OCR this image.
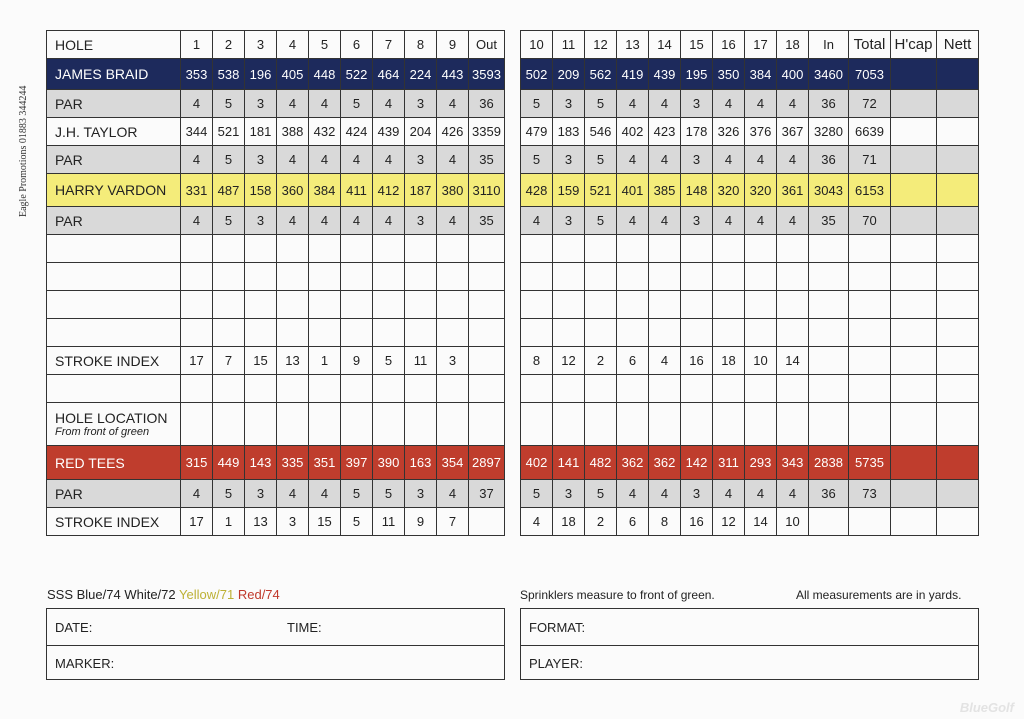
Eagle Promotions 01883 344244
HOLE	1	2	3	4	5	6	7	8	9	Out
JAMES BRAID	353	538	196	405	448	522	464	224	443	3593
PAR	4	5	3	4	4	5	4	3	4	36
J.H. TAYLOR	344	521	181	388	432	424	439	204	426	3359
PAR	4	5	3	4	4	4	4	3	4	35
HARRY VARDON	331	487	158	360	384	411	412	187	380	3110
PAR	4	5	3	4	4	4	4	3	4	35

STROKE INDEX	17	7	15	13	1	9	5	11	3	

HOLE LOCATION
From front of green										

RED TEES	315	449	143	335	351	397	390	163	354	2897
PAR	4	5	3	4	4	5	5	3	4	37
STROKE INDEX	17	1	13	3	15	5	11	9	7	
10	11	12	13	14	15	16	17	18	In	Total	H'cap	Nett
502	209	562	419	439	195	350	384	400	3460	7053		
5	3	5	4	4	3	4	4	4	36	72		
479	183	546	402	423	178	326	376	367	3280	6639		
5	3	5	4	4	3	4	4	4	36	71		
428	159	521	401	385	148	320	320	361	3043	6153		
4	3	5	4	4	3	4	4	4	35	70		

8	12	2	6	4	16	18	10	14				

402	141	482	362	362	142	311	293	343	2838	5735		
5	3	5	4	4	3	4	4	4	36	73		
4	18	2	6	8	16	12	14	10				
SSS Blue/74 White/72 Yellow/71 Red/74	Sprinklers measure to front of green.	All measurements are in yards.
DATE:	TIME:
MARKER:
FORMAT:
PLAYER:
BlueGolf
